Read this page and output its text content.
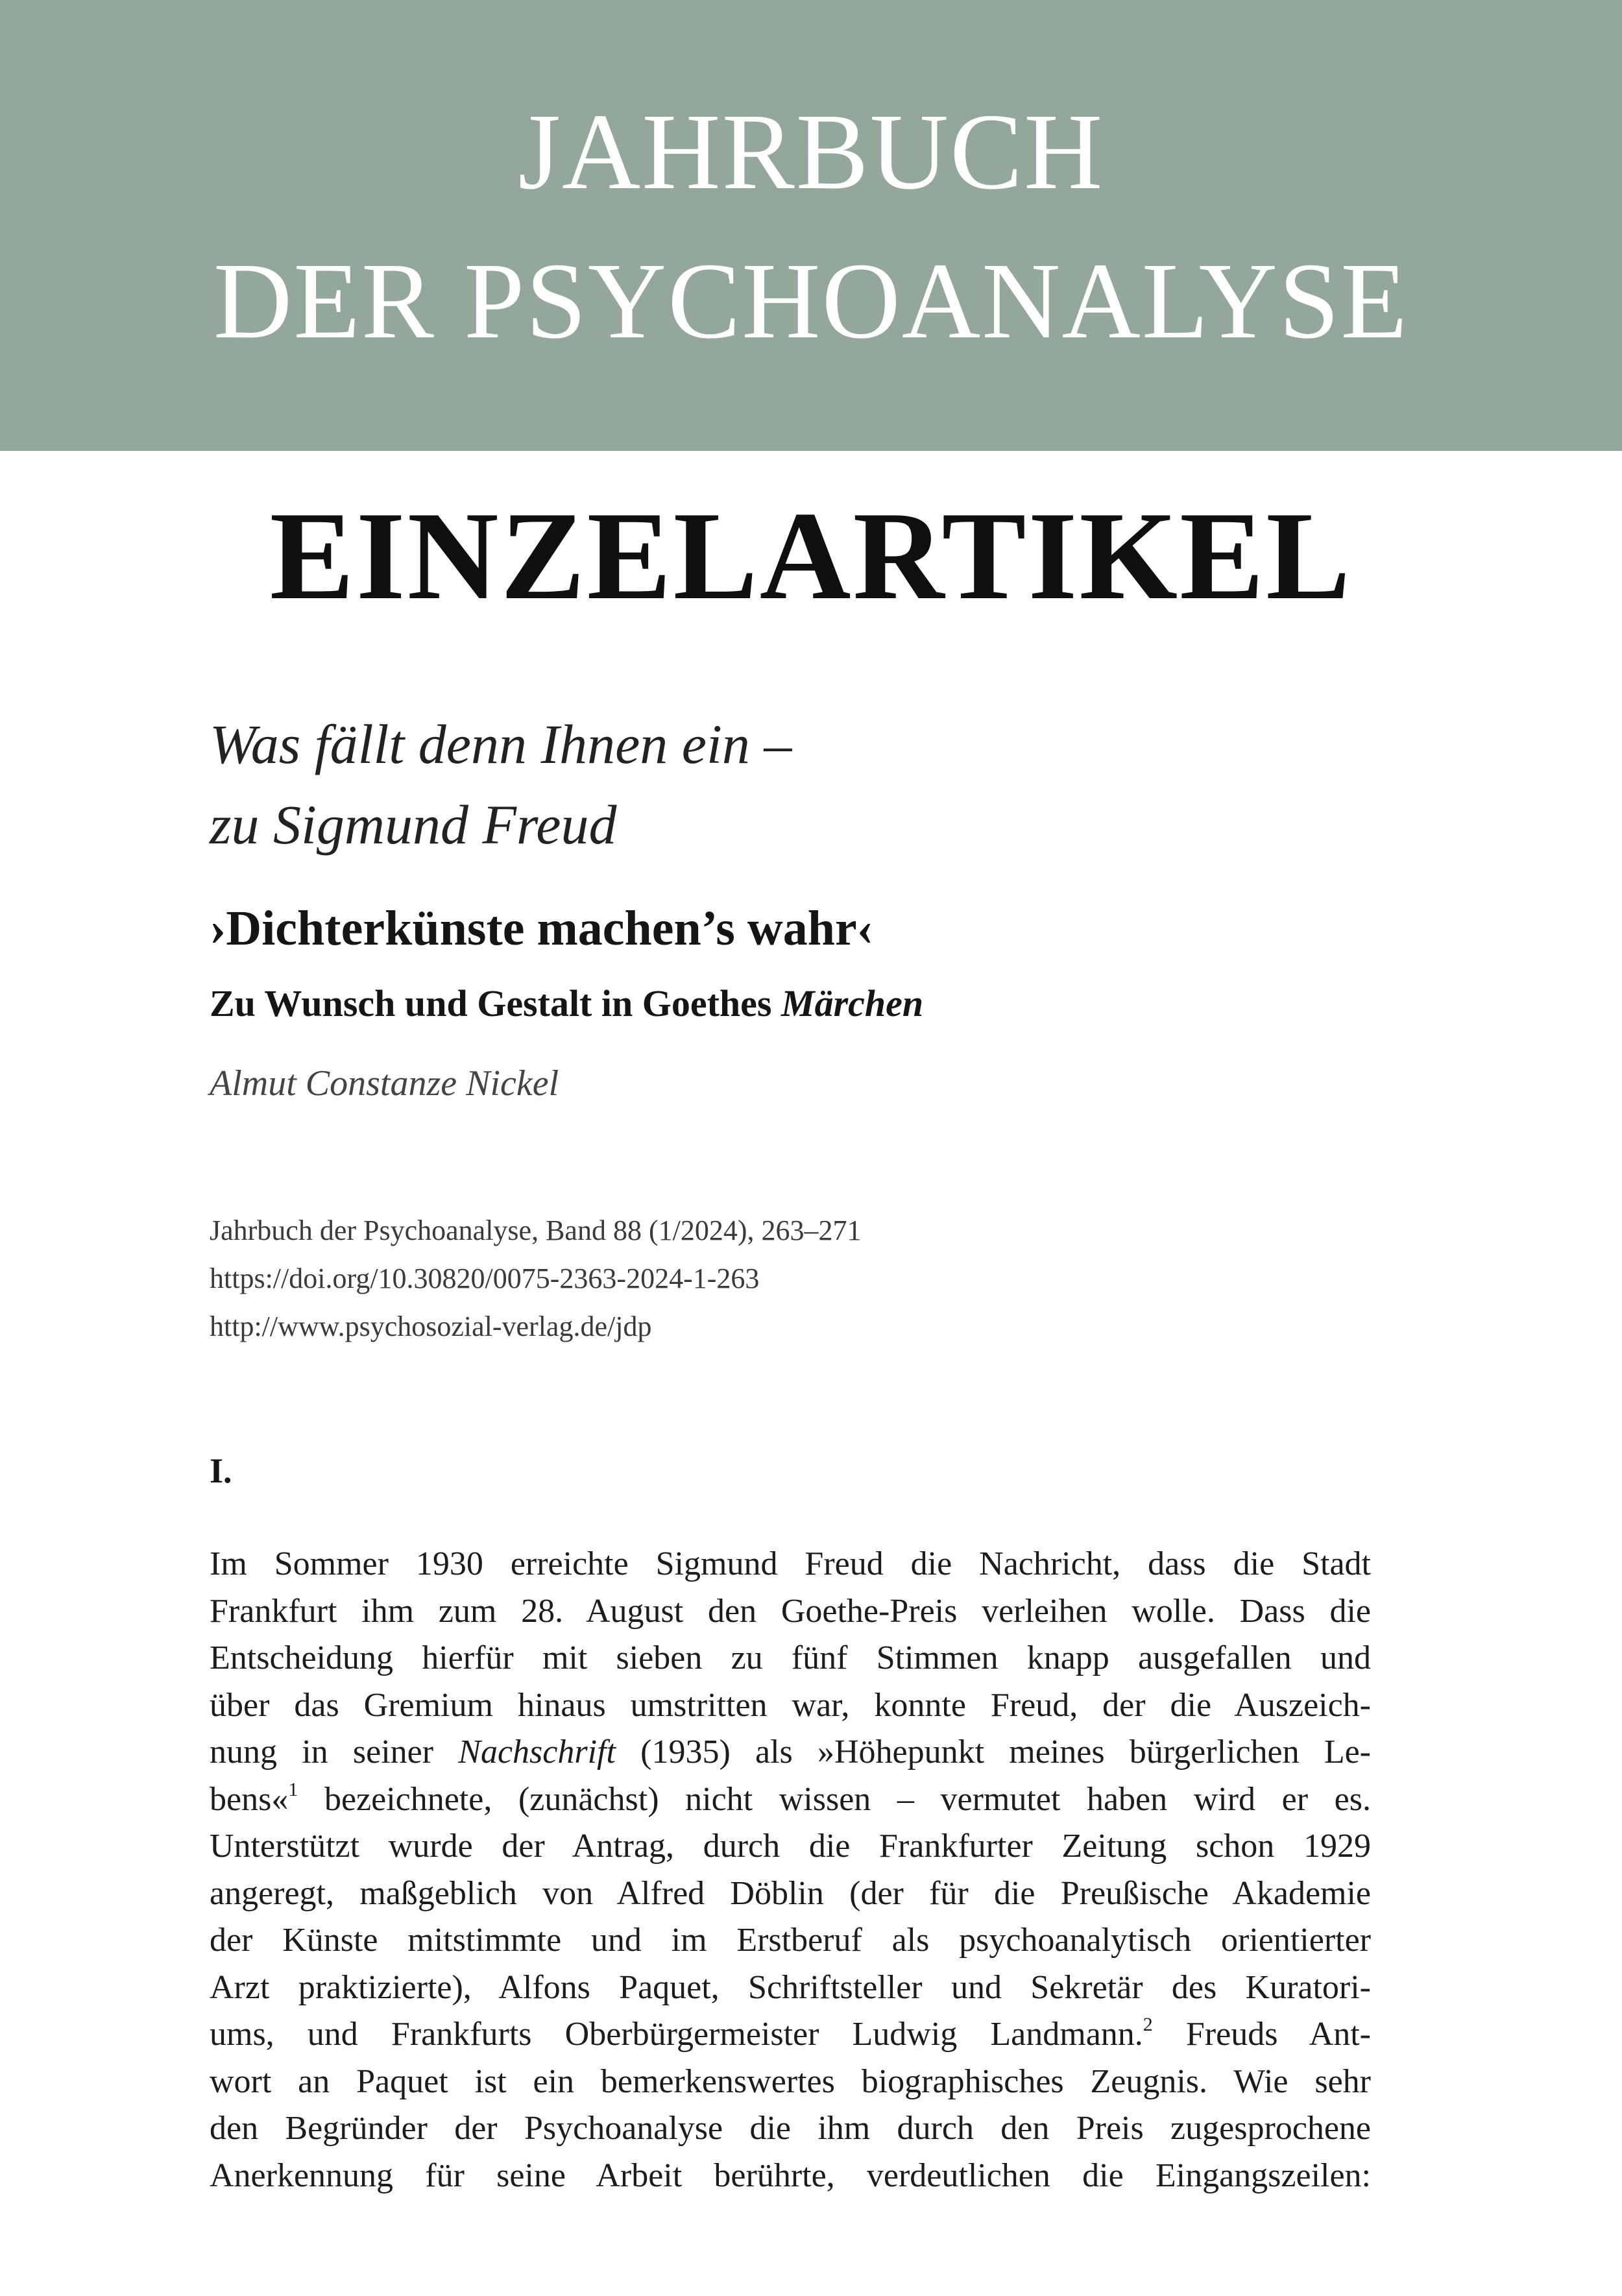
JAHRBUCH
DER PSYCHOANALYSE
EINZELARTIKEL
Was fällt denn Ihnen ein –
zu Sigmund Freud
›Dichterkünste machen’s wahr‹
Zu Wunsch und Gestalt in Goethes Märchen
Almut Constanze Nickel
Jahrbuch der Psychoanalyse, Band 88 (1/2024), 263–271
https://doi.org/10.30820/0075-2363-2024-1-263
http://www.psychosozial-verlag.de/jdp
I.
Im Sommer 1930 erreichte Sigmund Freud die Nachricht, dass die Stadt
Frankfurt ihm zum 28. August den Goethe-Preis verleihen wolle. Dass die
Entscheidung hierfür mit sieben zu fünf Stimmen knapp ausgefallen und
über das Gremium hinaus umstritten war, konnte Freud, der die Auszeich-
nung in seiner Nachschrift (1935) als »Höhepunkt meines bürgerlichen Le-
bens«$^1$ bezeichnete, (zunächst) nicht wissen – vermutet haben wird er es.
Unterstützt wurde der Antrag, durch die Frankfurter Zeitung schon 1929
angeregt, maßgeblich von Alfred Döblin (der für die Preußische Akademie
der Künste mitstimmte und im Erstberuf als psychoanalytisch orientierter
Arzt praktizierte), Alfons Paquet, Schriftsteller und Sekretär des Kuratori-
ums, und Frankfurts Oberbürgermeister Ludwig Landmann.$^2$ Freuds Ant-
wort an Paquet ist ein bemerkenswertes biographisches Zeugnis. Wie sehr
den Begründer der Psychoanalyse die ihm durch den Preis zugesprochene
Anerkennung für seine Arbeit berührte, verdeutlichen die Eingangszeilen:
